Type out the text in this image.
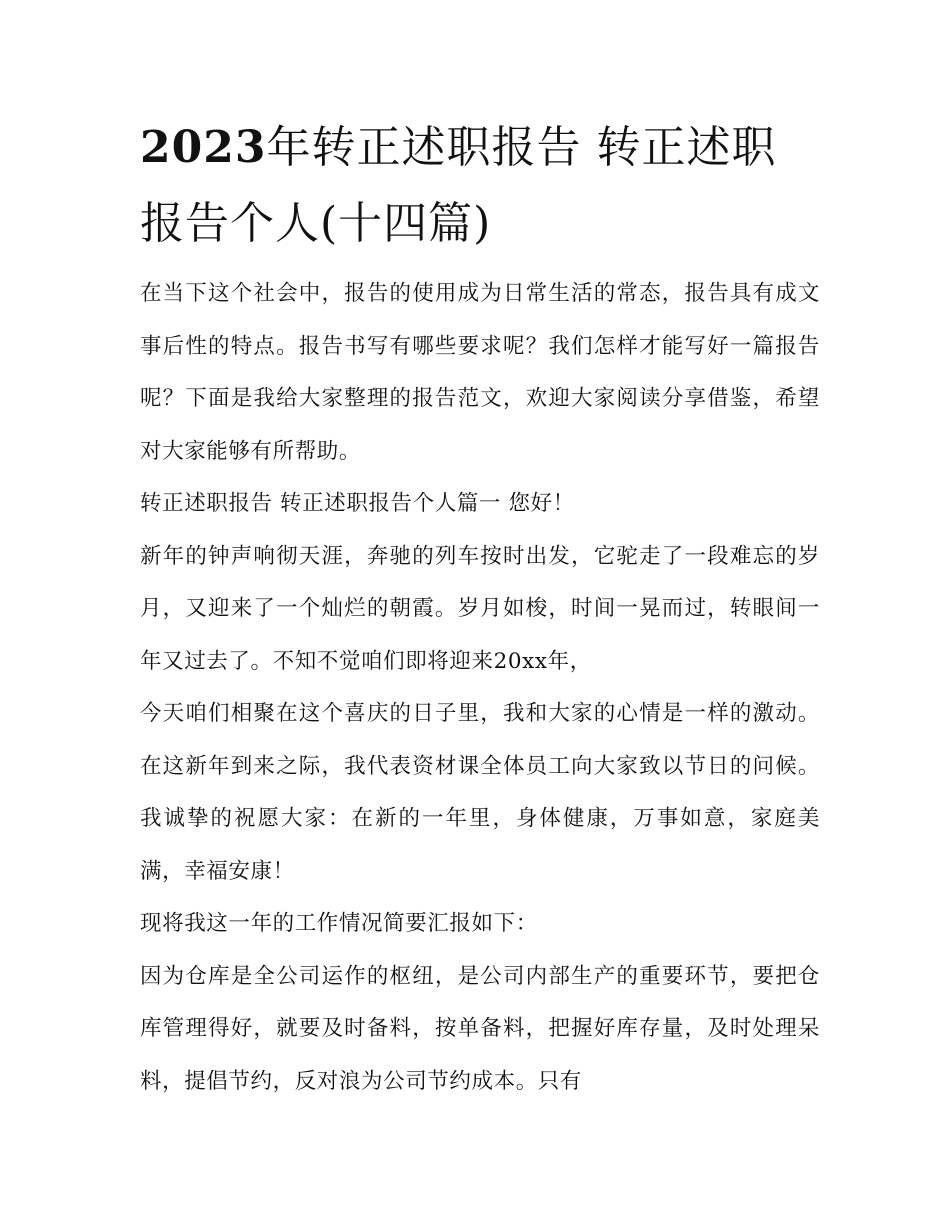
2023年转正述职报告 转正述职报告个人(十四篇)

在当下这个社会中，报告的使用成为日常生活的常态，报告具有成文事后性的特点。报告书写有哪些要求呢？我们怎样才能写好一篇报告呢？下面是我给大家整理的报告范文，欢迎大家阅读分享借鉴，希望对大家能够有所帮助。

转正述职报告 转正述职报告个人篇一 您好！

新年的钟声响彻天涯，奔驰的列车按时出发，它驼走了一段难忘的岁月，又迎来了一个灿烂的朝霞。岁月如梭，时间一晃而过，转眼间一年又过去了。不知不觉咱们即将迎来20xx年，

今天咱们相聚在这个喜庆的日子里，我和大家的心情是一样的激动。在这新年到来之际，我代表资材课全体员工向大家致以节日的问候。我诚挚的祝愿大家：在新的一年里，身体健康，万事如意，家庭美满，幸福安康！

现将我这一年的工作情况简要汇报如下：

因为仓库是全公司运作的枢纽，是公司内部生产的重要环节，要把仓库管理得好，就要及时备料，按单备料，把握好库存量，及时处理呆料，提倡节约，反对浪为公司节约成本。只有
